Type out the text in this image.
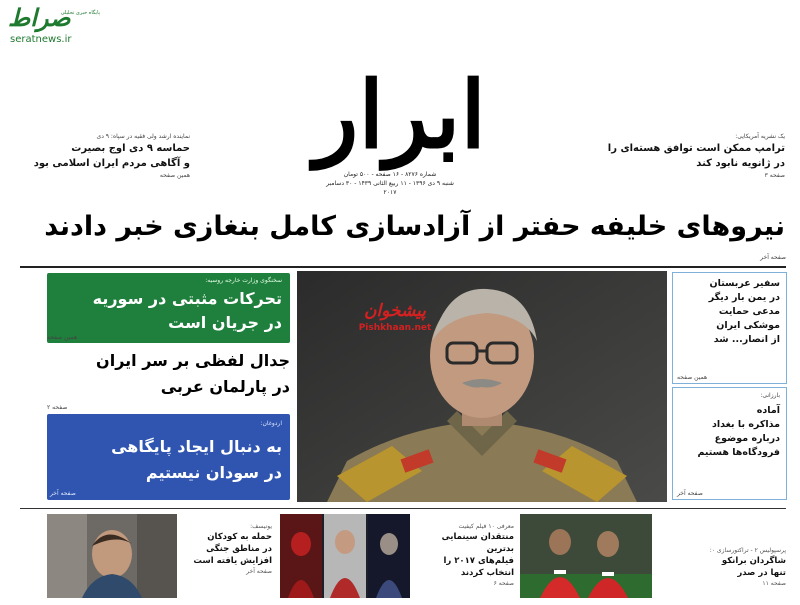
صراط
پایگاه خبری تحلیلی
seratnews.ir
ابرار
شماره ۸۲۷۶ - ۱۶ صفحه - ۵۰۰ تومان
شنبه ۹ دی ۱۳۹۶ - ۱۱ ربیع الثانی ۱۴۳۹ - ۳۰ دسامبر ۲۰۱۷
یک نشریه آمریکایی:
ترامپ ممکن است توافق هسته‌ای را
در ژانویه نابود کند
صفحه ۳
نماینده ارشد ولی فقیه در سپاه: ۹ دی
حماسه ۹ دی اوج بصیرت
و آگاهی مردم ایران اسلامی بود
همین صفحه
نیروهای خلیفه حفتر از آزادسازی کامل بنغازی خبر دادند
صفحه آخر
سخنگوی وزارت خارجه روسیه:
تحرکات مثبتی در سوریه
در جریان است
همین صفحه
جدال لفظی بر سر ایران
در پارلمان عربی
صفحه ۲
اردوغان:
به دنبال ایجاد پایگاهی
در سودان نیستیم
صفحه آخر
پیشخوان
Pishkhaan.net
سفیر عربستان
در یمن بار دیگر
مدعی حمایت
موشکی ایران
از انصار... شد
همین صفحه
بارزانی:
آماده
مذاکره با بغداد
درباره موضوع
فرودگاه‌ها هستیم
صفحه آخر
یونیسف:
حمله به کودکان
در مناطق جنگی
افزایش یافته است
صفحه آخر
معرفی ۱۰ فیلم کیفیت
منتقدان سینمایی بدترین
فیلم‌های ۲۰۱۷ را
انتخاب کردند
صفحه ۶
پرسپولیس ۲ - تراکتورسازی ۰:
شاگردان برانکو
تنها در صدر
صفحه ۱۱
